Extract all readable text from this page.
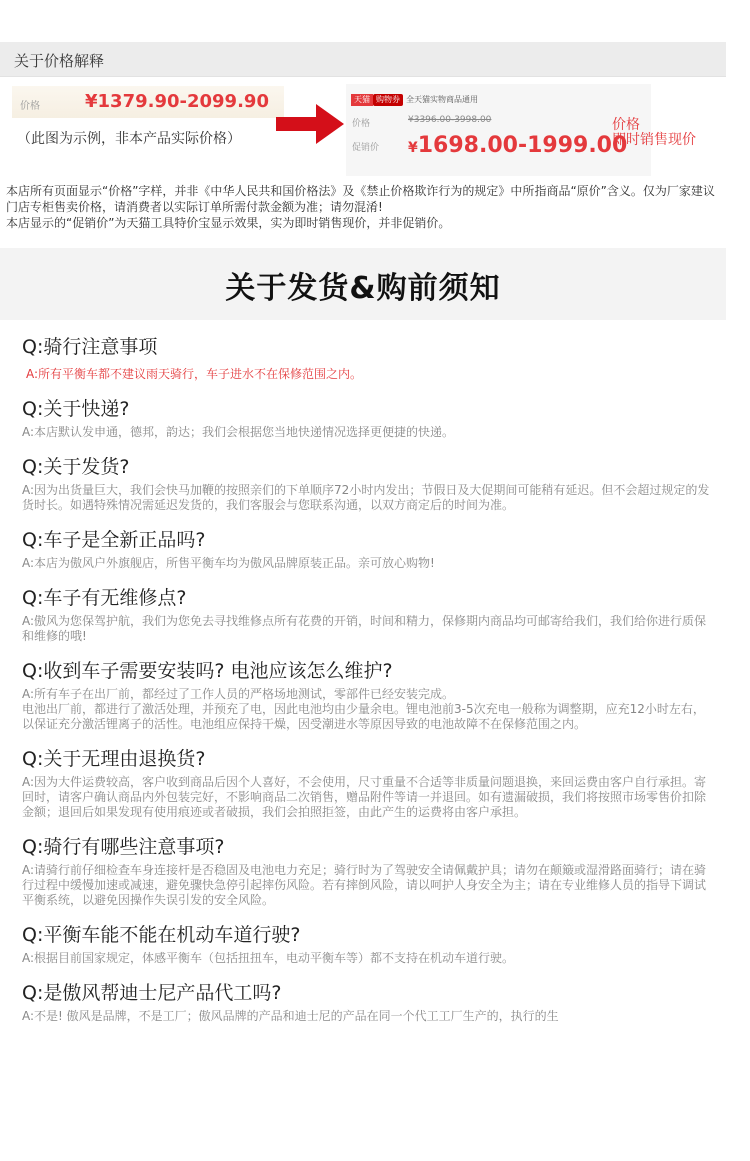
关于价格解释
价格	¥1379.90-2099.90
（此图为示例，非本产品实际价格）
天猫 购物券 全天猫实物商品通用
价格	¥3396.00-3998.00
促销价 ¥1698.00-1999.00
价格
即时销售现价

本店所有页面显示“价格”字样，并非《中华人民共和国价格法》及《禁止价格欺诈行为的规定》中所指商品“原价”含义。仅为厂家建议门店专柜售卖价格，请消费者以实际订单所需付款金额为准；请勿混淆!

本店显示的“促销价”为天猫工具特价宝显示效果，实为即时销售现价，并非促销价。

关于发货&购前须知

Q:骑行注意事项

A:所有平衡车都不建议雨天骑行，车子进水不在保修范围之内。

Q:关于快递?

A:本店默认发申通，德邦，韵达；我们会根据您当地快递情况选择更便捷的快递。

Q:关于发货?

A:因为出货量巨大，我们会快马加鞭的按照亲们的下单顺序72小时内发出；节假日及大促期间可能稍有延迟。但不会超过规定的发货时长。如遇特殊情况需延迟发货的，我们客服会与您联系沟通，以双方商定后的时间为准。

Q:车子是全新正品吗?

A:本店为傲风户外旗舰店，所售平衡车均为傲风品牌原装正品。亲可放心购物!

Q:车子有无维修点?

A:傲风为您保驾护航，我们为您免去寻找维修点所有花费的开销，时间和精力，保修期内商品均可邮寄给我们，我们给你进行质保和维修的哦!

Q:收到车子需要安装吗? 电池应该怎么维护?

A:所有车子在出厂前，都经过了工作人员的严格场地测试，零部件已经安装完成。
电池出厂前，都进行了激活处理，并预充了电，因此电池均由少量余电。锂电池前3-5次充电一般称为调整期，应充12小时左右，以保证充分激活锂离子的活性。电池组应保持干燥，因受潮进水等原因导致的电池故障不在保修范围之内。

Q:关于无理由退换货?

A:因为大件运费较高，客户收到商品后因个人喜好，不会使用，尺寸重量不合适等非质量问题退换，来回运费由客户自行承担。寄回时，请客户确认商品内外包装完好，不影响商品二次销售，赠品附件等请一并退回。如有遗漏破损，我们将按照市场零售价扣除金额；退回后如果发现有使用痕迹或者破损，我们会拍照拒签，由此产生的运费将由客户承担。

Q:骑行有哪些注意事项?

A:请骑行前仔细检查车身连接杆是否稳固及电池电力充足；骑行时为了驾驶安全请佩戴护具；请勿在颠簸或湿滑路面骑行；请在骑行过程中缓慢加速或减速，避免骤快急停引起摔伤风险。若有摔倒风险，请以呵护人身安全为主；请在专业维修人员的指导下调试平衡系统，以避免因操作失误引发的安全风险。

Q:平衡车能不能在机动车道行驶?

A:根据目前国家规定，体感平衡车（包括扭扭车，电动平衡车等）都不支持在机动车道行驶。

Q:是傲风帮迪士尼产品代工吗?

A:不是! 傲风是品牌，不是工厂；傲风品牌的产品和迪士尼的产品在同一个代工工厂生产的，执行的生
